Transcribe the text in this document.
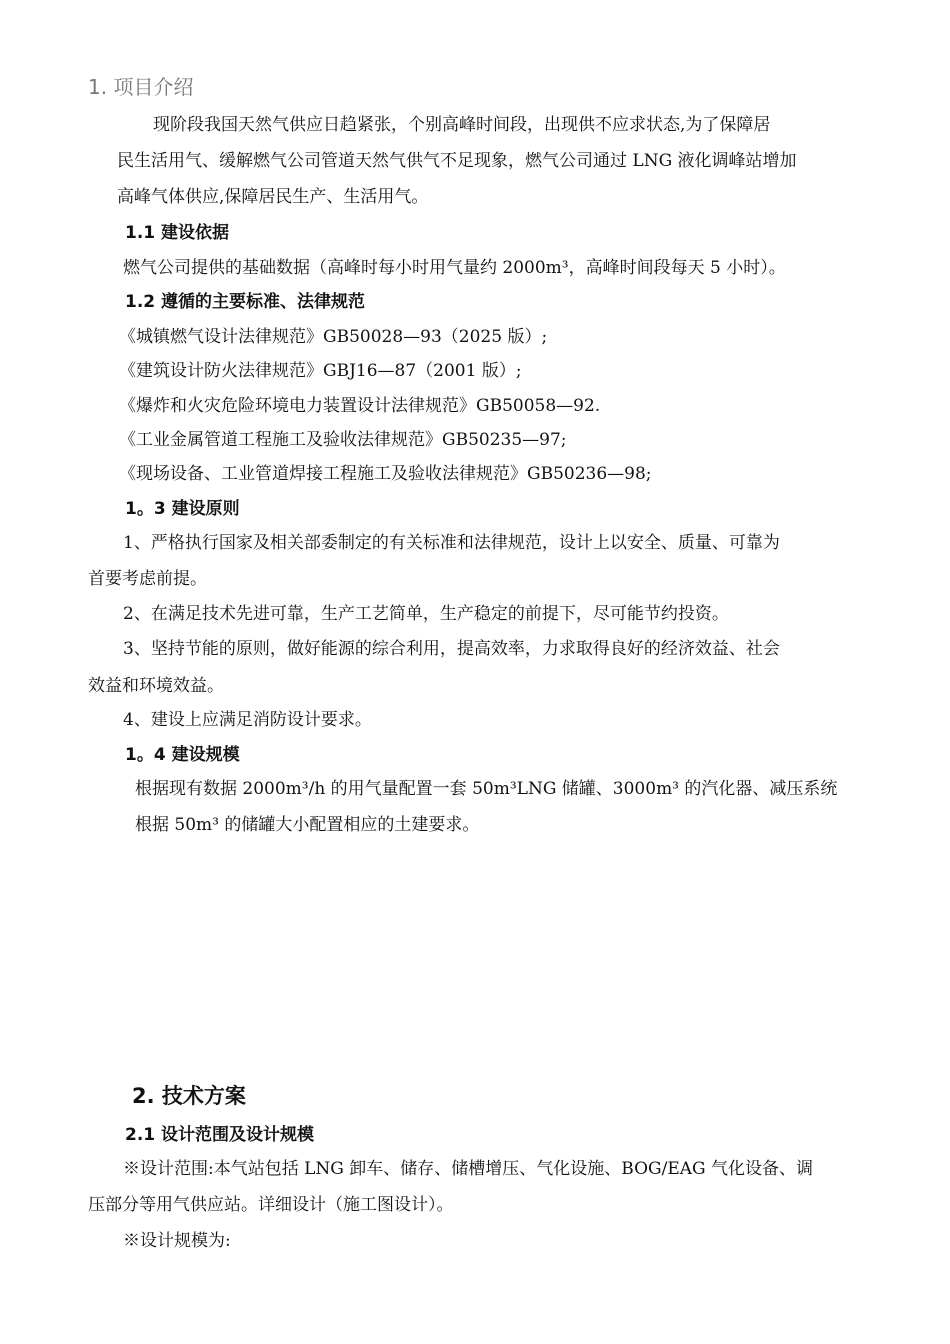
1. 项目介绍
现阶段我国天然气供应日趋紧张，个别高峰时间段，出现供不应求状态,为了保障居
民生活用气、缓解燃气公司管道天然气供气不足现象，燃气公司通过 LNG 液化调峰站增加
高峰气体供应,保障居民生产、生活用气。
1.1 建设依据
燃气公司提供的基础数据（高峰时每小时用气量约 2000m³，高峰时间段每天 5 小时）。
1.2 遵循的主要标准、法律规范
《城镇燃气设计法律规范》GB50028—93（2025 版）;
《建筑设计防火法律规范》GBJ16—87（2001 版）;
《爆炸和火灾危险环境电力装置设计法律规范》GB50058—92.
《工业金属管道工程施工及验收法律规范》GB50235—97;
《现场设备、工业管道焊接工程施工及验收法律规范》GB50236—98;
1。3 建设原则
1、严格执行国家及相关部委制定的有关标准和法律规范，设计上以安全、质量、可靠为
首要考虑前提。
2、在满足技术先进可靠，生产工艺简单，生产稳定的前提下，尽可能节约投资。
3、坚持节能的原则，做好能源的综合利用，提高效率，力求取得良好的经济效益、社会
效益和环境效益。
4、建设上应满足消防设计要求。
1。4 建设规模
根据现有数据 2000m³/h 的用气量配置一套 50m³LNG 储罐、3000m³ 的汽化器、减压系统
根据 50m³ 的储罐大小配置相应的土建要求。
2. 技术方案
2.1 设计范围及设计规模
※设计范围:本气站包括 LNG 卸车、储存、储槽增压、气化设施、BOG/EAG 气化设备、调
压部分等用气供应站。详细设计（施工图设计）。
※设计规模为:
